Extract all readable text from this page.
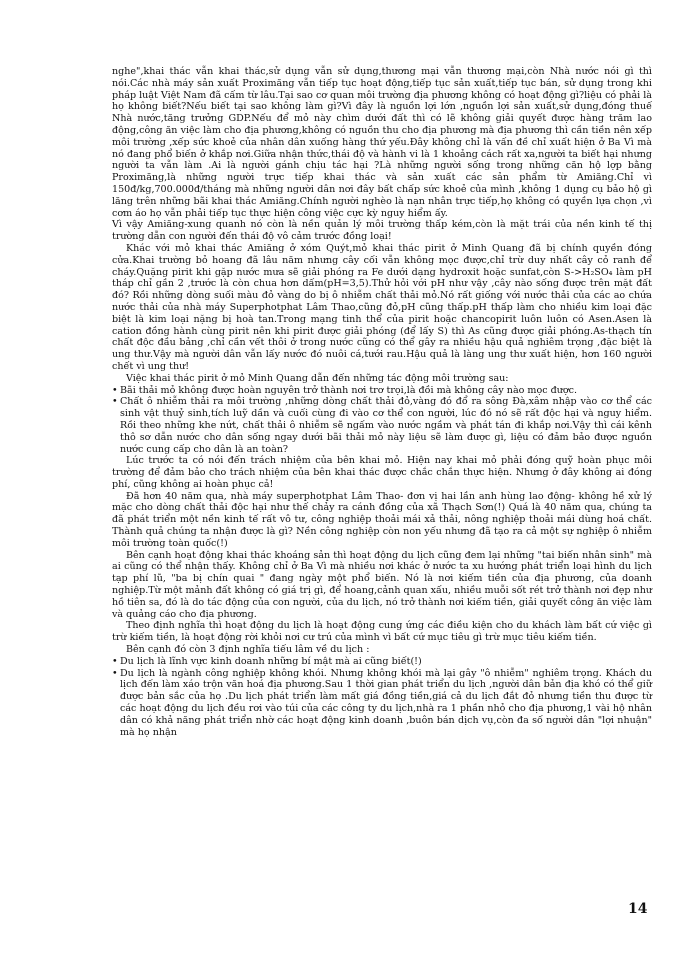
nghe",khai thác vẫn khai thác,sử dụng vẫn sử dụng,thương mại vẫn thương mại,còn Nhà nước nói gì thì nói.Các nhà máy sản xuất Proximăng vẫn tiếp tục hoạt động,tiếp tục sản xuất,tiếp tục bán, sử dụng trong khi pháp luật Việt Nam đã cấm từ lâu.Tại sao cơ quan môi trường địa phương không có hoạt động gì?liệu có phải là họ không biết?Nếu biết tại sao không làm gì?Vì đây là nguồn lợi lớn ,nguồn lợi sản xuất,sử dụng,đóng thuế Nhà nước,tăng trưởng GDP.Nếu để mỏ này chìm dưới đất thì có lẽ không giải quyết được hàng trăm lao động,công ăn việc làm cho địa phương,không có nguồn thu cho địa phương mà địa phương thì cần tiền nên xếp môi trường ,xếp sức khoẻ của nhân dân xuống hàng thứ yếu.Đây không chỉ là vấn đề chỉ xuất hiện ở Ba Vì mà nó đang phổ biến ở khắp nơi.Giữa nhận thức,thái độ và hành vi là 1 khoảng cách rất xa,người ta biết hại nhưng người ta vẫn làm .Ai là người gánh chịu tác hại ?Là những người sống trong những căn hộ lợp bằng Proximăng,là những người trực tiếp khai thác và sản xuất các sản phẩm từ Amiăng.Chỉ vì 150đ/kg,700.000đ/tháng mà những người dân nơi đây bất chấp sức khoẻ của mình ,không 1 dụng cụ bảo hộ gì lăng trên những bãi khai thác Amiăng.Chính người nghèo là nạn nhân trực tiếp,họ không có quyền lựa chọn ,vì cơm áo họ vẫn phải tiếp tục thực hiện công việc cực kỳ nguy hiểm ấy.

Vì vậy Amiăng-xung quanh nó còn là nền quản lý môi trường thấp kém,còn là mặt trái của nền kinh tế thị trường dẫn con người đến thái độ vô cảm trước đồng loại!

Khác với mỏ khai thác Amiăng ở xóm Quýt,mỏ khai thác pirit ở Minh Quang đã bị chính quyền đóng cửa.Khai trường bỏ hoang đã lâu năm nhưng cây cối vẫn không mọc được,chỉ trừ duy nhất cây cỏ ranh để cháy.Quặng pirit khi gặp nước mưa sẽ giải phóng ra Fe dưới dạng hydroxit hoặc sunfat,còn S->H₂SO₄ làm pH tháp chỉ gần 2 ,trước là còn chua hơn dấm(pH=3,5).Thử hỏi với pH như vậy ,cây nào sống được trên mặt đất đó? Rồi những dòng suối màu đỏ vàng do bị ô nhiễm chất thải mỏ.Nó rất giống với nước thải của các ao chứa nước thải của nhà máy Superphotphat Lâm Thao,cũng đỏ,pH cũng thấp.pH thấp làm cho nhiều kim loại đặc biệt là kim loại nặng bị hoà tan.Trong mạng tinh thể của pirit hoặc chancopirit luôn luôn có Asen.Asen là cation đồng hành cùng pirit nên khi pirit được giải phóng (để lấy S) thì As cũng được giải phóng.As-thạch tín chất độc đầu bảng ,chỉ cần vết thôi ở trong nước cũng có thể gây ra nhiều hậu quả nghiêm trọng ,đặc biệt là ung thư.Vậy mà người dân vẫn lấy nước đó nuôi cá,tưới rau.Hậu quả là làng ung thư xuất hiện, hơn 160 người chết vì ung thư!

Việc khai thác pirit ở mỏ Minh Quang dẫn đến những tác động môi trường sau:

• Bãi thải mỏ không được hoàn nguyên trở thành nơi trơ trọi,là đồi mà không cây nào mọc được.
• Chất ô nhiễm thải ra môi trường ,những dòng chất thải đỏ,vàng đó đổ ra sông Đà,xâm nhập vào cơ thể các sinh vật thuỷ sinh,tích luỹ dần và cuối cùng đi vào cơ thể con người, lúc đó nó sẽ rất độc hại và nguy hiểm. Rồi theo những khe nứt, chất thải ô nhiễm sẽ ngấm vào nước ngầm và phát tán đi khắp nơi.Vậy thì cái kênh thô sơ dẫn nước cho dân sống ngay dưới bãi thải mỏ này liệu sẽ làm được gì, liệu có đảm bảo được nguồn nước cung cấp cho dân là an toàn?

Lúc trước ta có nói đến trách nhiệm của bên khai mỏ. Hiện nay khai mỏ phải đóng quỹ hoàn phục môi trường để đảm bảo cho trách nhiệm của bên khai thác được chắc chắn thực hiện. Nhưng ở đây không ai đóng phí, cũng không ai hoàn phục cả!

Đã hơn 40 năm qua, nhà máy superphotphat Lâm Thao- đơn vị hai lần anh hùng lao động- không hề xử lý mặc cho dòng chất thải độc hại như thế chảy ra cánh đồng của xã Thạch Sơn(!) Quá là 40 năm qua, chúng ta đã phát triển một nền kinh tế rất vô tư, công nghiệp thoải mái xả thải, nông nghiệp thoải mái dùng hoá chất. Thành quả chúng ta nhận được là gì? Nền công nghiệp còn non yếu nhưng đã tạo ra cả một sự nghiệp ô nhiễm môi trường toàn quốc(!)

Bên cạnh hoạt động khai thác khoáng sản thì hoạt động du lịch cũng đem lại những "tai biến nhân sinh" mà ai cũng có thể nhận thấy. Không chỉ ở Ba Vì mà nhiều nơi khác ở nước ta xu hướng phát triển loại hình du lịch tạp phí lũ, "ba bị chín quai " đang ngày một phổ biến. Nó là nơi kiếm tiền của địa phương, của doanh nghiệp.Từ một mảnh đất không có giá trị gì, để hoang,cảnh quan xấu, nhiều muỗi sốt rét trở thành nơi đẹp như hồ tiên sa, đó là do tác động của con người, của du lịch, nó trở thành nơi kiếm tiền, giải quyết công ăn việc làm và quảng cáo cho địa phương.

Theo định nghĩa thì hoạt động du lịch là hoạt động cung ứng các điều kiện cho du khách làm bất cứ việc gì trừ kiếm tiền, là hoạt động rời khỏi nơi cư trú của mình vì bất cứ mục tiêu gì trừ mục tiêu kiếm tiền.

Bên cạnh đó còn 3 định nghĩa tiếu lâm về du lịch :

• Du lịch là lĩnh vực kinh doanh những bí mật mà ai cũng biết(!)
• Du lịch là ngành công nghiệp không khói. Nhưng không khói mà lại gây "ô nhiễm" nghiêm trọng. Khách du lịch đến làm xáo trộn văn hoá địa phương.Sau 1 thời gian phát triển du lịch ,người dân bản địa khó có thể giữ được bản sắc của họ .Du lịch phát triển làm mất giá đồng tiền,giá cả du lịch đắt đỏ nhưng tiền thu được từ các hoạt động du lịch đều rơi vào túi của các công ty du lịch,nhà ra 1 phần nhỏ cho địa phương,1 vài hộ nhân dân có khả năng phát triển nhờ các hoạt động kinh doanh ,buôn bán dịch vụ,còn đa số người dân "lợi nhuận" mà họ nhận
14
